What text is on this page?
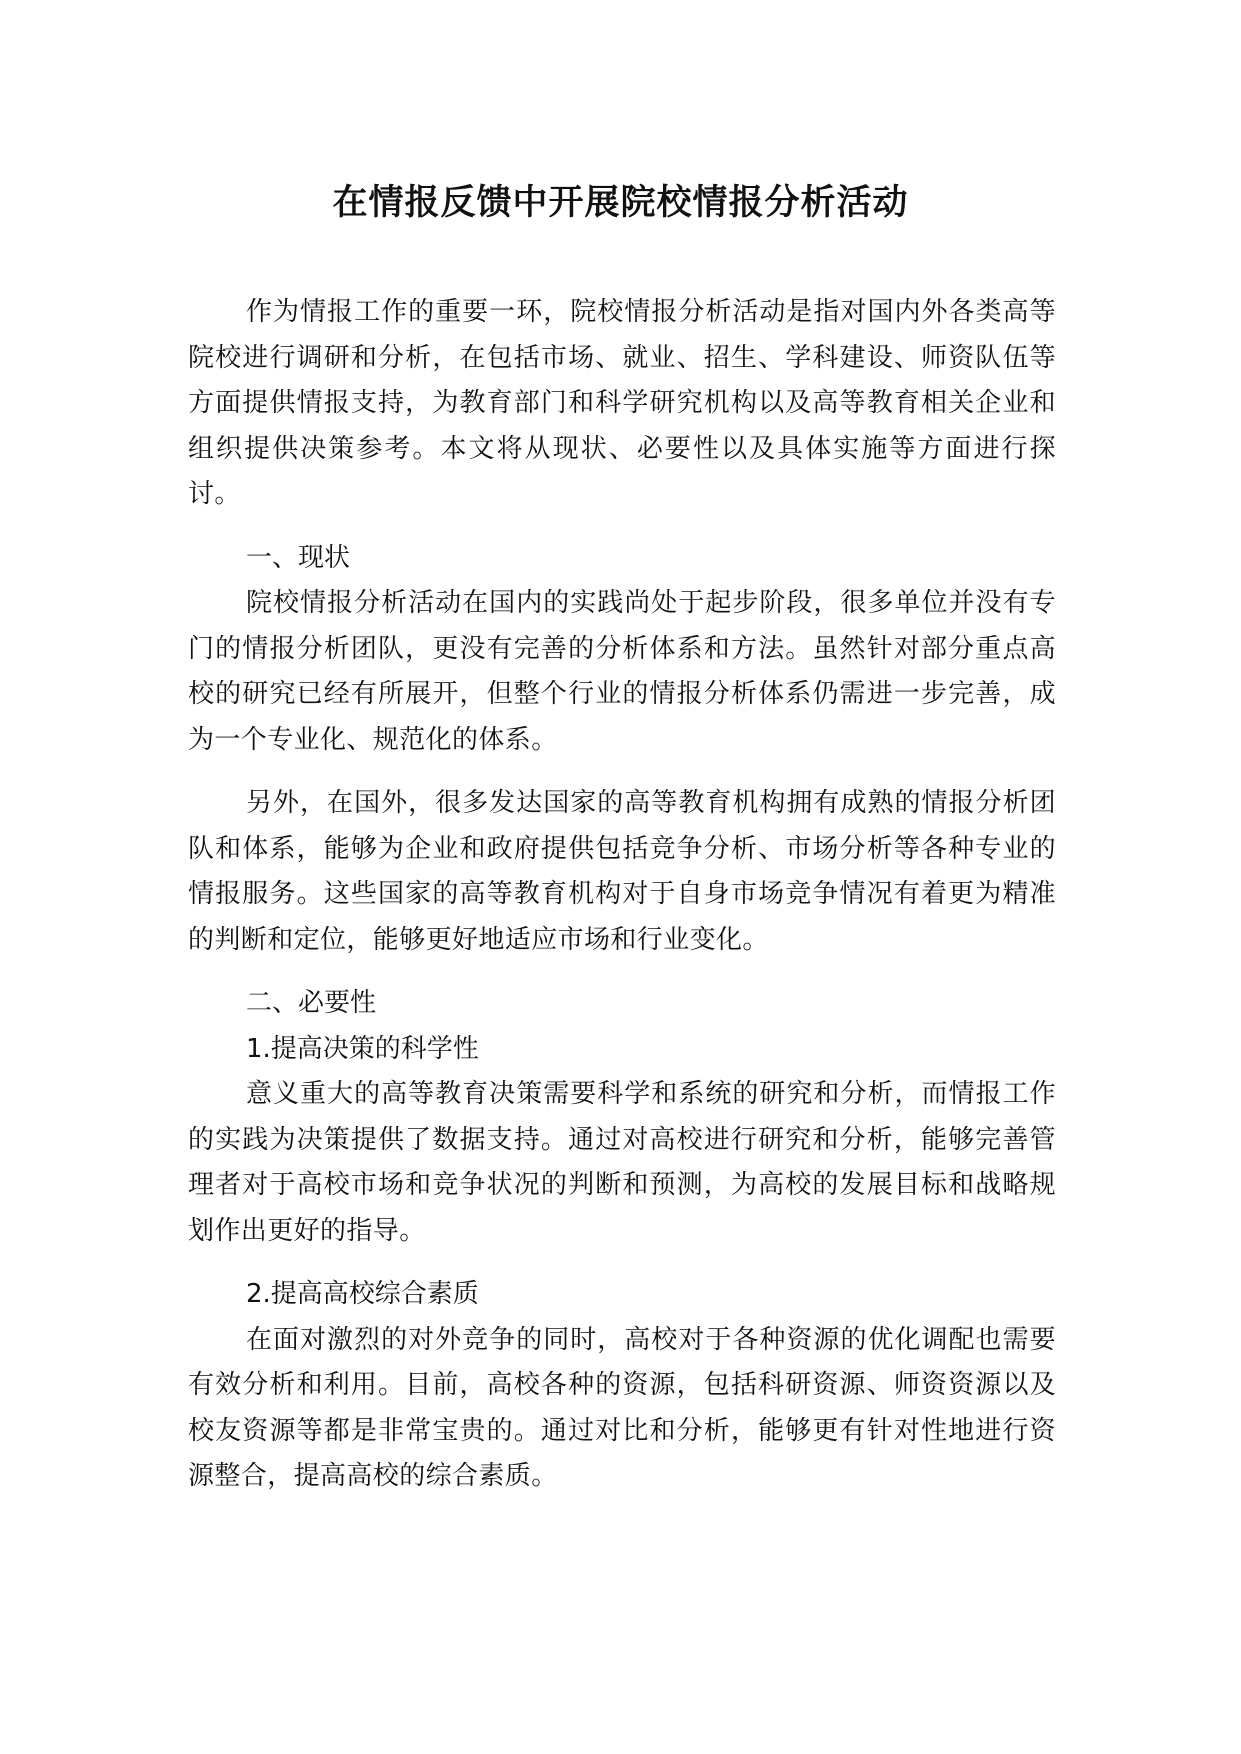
在情报反馈中开展院校情报分析活动

作为情报工作的重要一环，院校情报分析活动是指对国内外各类高等院校进行调研和分析，在包括市场、就业、招生、学科建设、师资队伍等方面提供情报支持，为教育部门和科学研究机构以及高等教育相关企业和组织提供决策参考。本文将从现状、必要性以及具体实施等方面进行探讨。

一、现状

院校情报分析活动在国内的实践尚处于起步阶段，很多单位并没有专门的情报分析团队，更没有完善的分析体系和方法。虽然针对部分重点高校的研究已经有所展开，但整个行业的情报分析体系仍需进一步完善，成为一个专业化、规范化的体系。

另外，在国外，很多发达国家的高等教育机构拥有成熟的情报分析团队和体系，能够为企业和政府提供包括竞争分析、市场分析等各种专业的情报服务。这些国家的高等教育机构对于自身市场竞争情况有着更为精准的判断和定位，能够更好地适应市场和行业变化。

二、必要性

1.提高决策的科学性

意义重大的高等教育决策需要科学和系统的研究和分析，而情报工作的实践为决策提供了数据支持。通过对高校进行研究和分析，能够完善管理者对于高校市场和竞争状况的判断和预测，为高校的发展目标和战略规划作出更好的指导。

2.提高高校综合素质

在面对激烈的对外竞争的同时，高校对于各种资源的优化调配也需要有效分析和利用。目前，高校各种的资源，包括科研资源、师资资源以及校友资源等都是非常宝贵的。通过对比和分析，能够更有针对性地进行资源整合，提高高校的综合素质。
